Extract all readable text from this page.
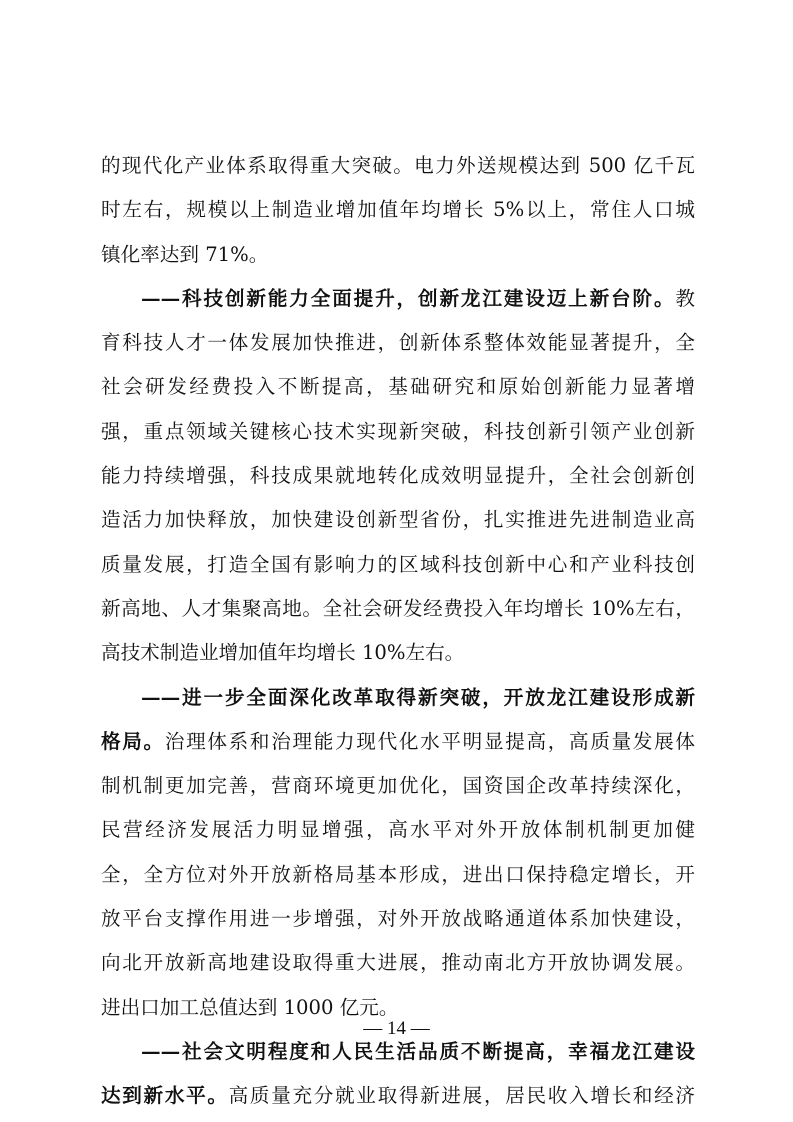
的现代化产业体系取得重大突破。电力外送规模达到 500 亿千瓦
时左右，规模以上制造业增加值年均增长 5%以上，常住人口城
镇化率达到 71%。
——科技创新能力全面提升，创新龙江建设迈上新台阶。教
育科技人才一体发展加快推进，创新体系整体效能显著提升，全
社会研发经费投入不断提高，基础研究和原始创新能力显著增
强，重点领域关键核心技术实现新突破，科技创新引领产业创新
能力持续增强，科技成果就地转化成效明显提升，全社会创新创
造活力加快释放，加快建设创新型省份，扎实推进先进制造业高
质量发展，打造全国有影响力的区域科技创新中心和产业科技创
新高地、人才集聚高地。全社会研发经费投入年均增长 10%左右，
高技术制造业增加值年均增长 10%左右。
——进一步全面深化改革取得新突破，开放龙江建设形成新
格局。治理体系和治理能力现代化水平明显提高，高质量发展体
制机制更加完善，营商环境更加优化，国资国企改革持续深化，
民营经济发展活力明显增强，高水平对外开放体制机制更加健
全，全方位对外开放新格局基本形成，进出口保持稳定增长，开
放平台支撑作用进一步增强，对外开放战略通道体系加快建设，
向北开放新高地建设取得重大进展，推动南北方开放协调发展。
进出口加工总值达到 1000 亿元。
——社会文明程度和人民生活品质不断提高，幸福龙江建设
达到新水平。高质量充分就业取得新进展，居民收入增长和经济
— 14 —
